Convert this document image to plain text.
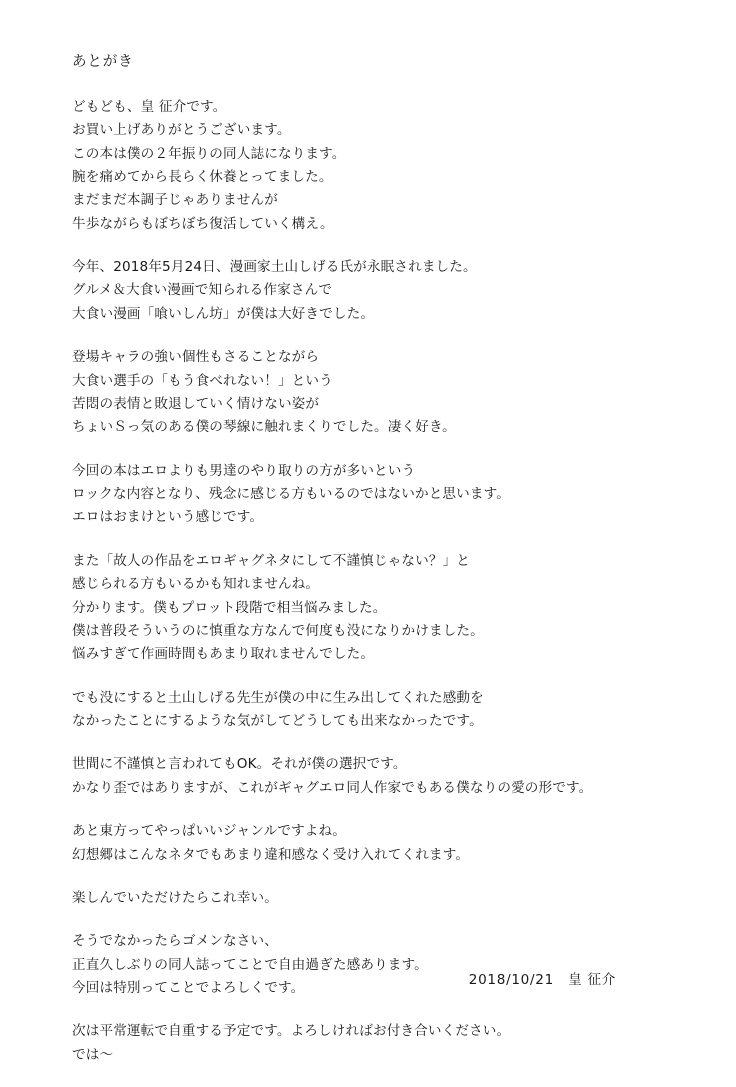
あとがき
どもども、皇 征介です。
お買い上げありがとうございます。
この本は僕の２年振りの同人誌になります。
腕を痛めてから長らく休養とってました。
まだまだ本調子じゃありませんが
牛歩ながらもぼちぼち復活していく構え。
今年、2018年5月24日、漫画家土山しげる氏が永眠されました。
グルメ＆大食い漫画で知られる作家さんで
大食い漫画「喰いしん坊」が僕は大好きでした。
登場キャラの強い個性もさることながら
大食い選手の「もう食べれない！」という
苦悶の表情と敗退していく情けない姿が
ちょいＳっ気のある僕の琴線に触れまくりでした。凄く好き。
今回の本はエロよりも男達のやり取りの方が多いという
ロックな内容となり、残念に感じる方もいるのではないかと思います。
エロはおまけという感じです。
また「故人の作品をエロギャグネタにして不謹慎じゃない？」と
感じられる方もいるかも知れませんね。
分かります。僕もプロット段階で相当悩みました。
僕は普段そういうのに慎重な方なんで何度も没になりかけました。
悩みすぎて作画時間もあまり取れませんでした。
でも没にすると土山しげる先生が僕の中に生み出してくれた感動を
なかったことにするような気がしてどうしても出来なかったです。
世間に不謹慎と言われてもOK。それが僕の選択です。
かなり歪ではありますが、これがギャグエロ同人作家でもある僕なりの愛の形です。
あと東方ってやっぱいいジャンルですよね。
幻想郷はこんなネタでもあまり違和感なく受け入れてくれます。
楽しんでいただけたらこれ幸い。
そうでなかったらゴメンなさい、
正直久しぶりの同人誌ってことで自由過ぎた感あります。
今回は特別ってことでよろしくです。
次は平常運転で自重する予定です。よろしければお付き合いください。
では〜
2018/10/21　皇 征介
